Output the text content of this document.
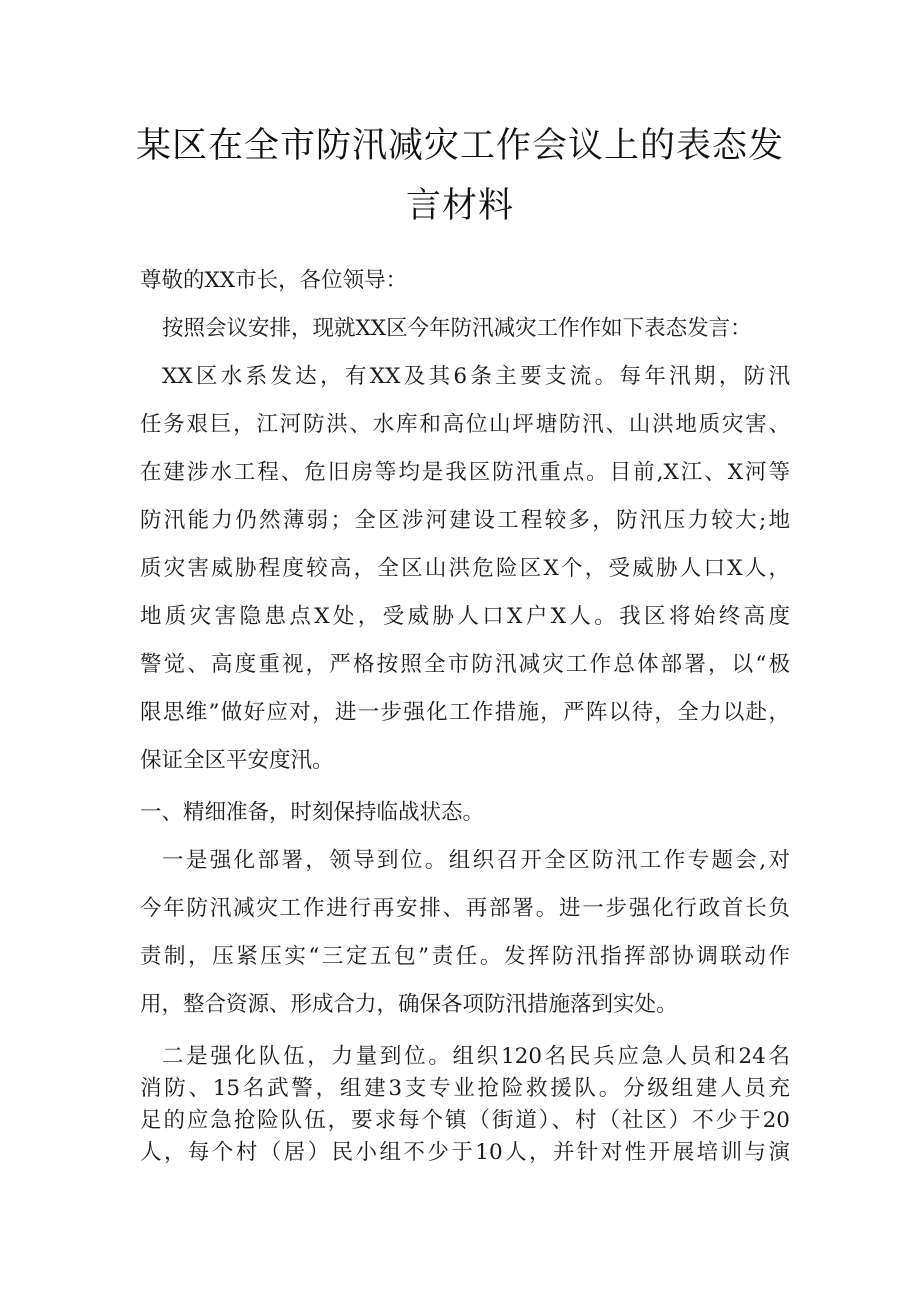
某区在全市防汛减灾工作会议上的表态发
言材料
尊敬的XX市长，各位领导：
按照会议安排，现就XX区今年防汛减灾工作作如下表态发言：
XX区水系发达，有XX及其6条主要支流。每年汛期，防汛
任务艰巨，江河防洪、水库和高位山坪塘防汛、山洪地质灾害、
在建涉水工程、危旧房等均是我区防汛重点。目前,X江、X河等
防汛能力仍然薄弱；全区涉河建设工程较多，防汛压力较大;地
质灾害威胁程度较高，全区山洪危险区X个，受威胁人口X人，
地质灾害隐患点X处，受威胁人口X户X人。我区将始终高度
警觉、高度重视，严格按照全市防汛减灾工作总体部署，以“极
限思维”做好应对，进一步强化工作措施，严阵以待，全力以赴，
保证全区平安度汛。
一、精细准备，时刻保持临战状态。
一是强化部署，领导到位。组织召开全区防汛工作专题会,对
今年防汛减灾工作进行再安排、再部署。进一步强化行政首长负
责制，压紧压实“三定五包”责任。发挥防汛指挥部协调联动作
用，整合资源、形成合力，确保各项防汛措施落到实处。
二是强化队伍，力量到位。组织120名民兵应急人员和24名
消防、15名武警，组建3支专业抢险救援队。分级组建人员充
足的应急抢险队伍，要求每个镇（街道）、村（社区）不少于20
人，每个村（居）民小组不少于10人，并针对性开展培训与演
